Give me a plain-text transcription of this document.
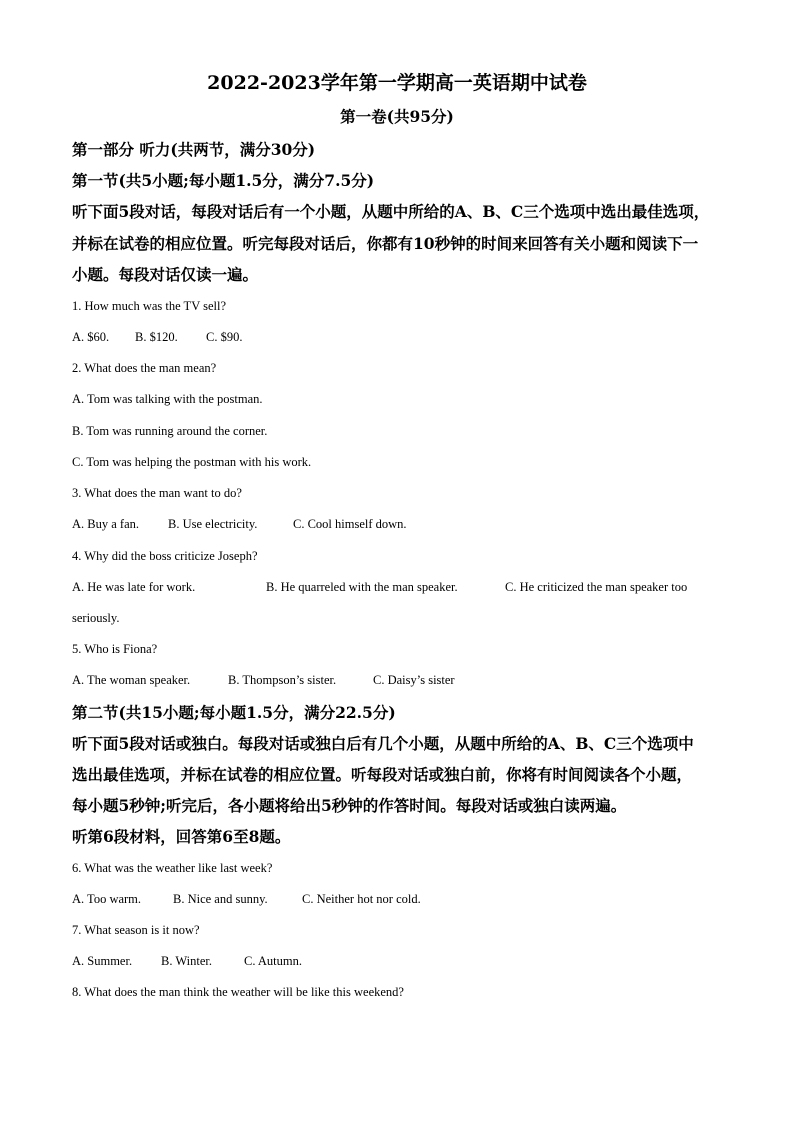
2022-2023学年第一学期高一英语期中试卷
第一卷(共95分)
第一部分 听力(共两节，满分30分)
第一节(共5小题;每小题1.5分，满分7.5分)
听下面5段对话，每段对话后有一个小题，从题中所给的A、B、C三个选项中选出最佳选项，
并标在试卷的相应位置。听完每段对话后，你都有10秒钟的时间来回答有关小题和阅读下一
小题。每段对话仅读一遍。
1. How much was the TV sell?
A. $60. B. $120. C. $90.
2. What does the man mean?
A. Tom was talking with the postman.
B. Tom was running around the corner.
C. Tom was helping the postman with his work.
3. What does the man want to do?
A. Buy a fan. B. Use electricity.	C. Cool himself down.
4. Why did the boss criticize Joseph?
A. He was late for work.	B. He quarreled with the man speaker.	C. He criticized the man speaker too
seriously.
5. Who is Fiona?
A. The woman speaker.	B. Thompson’s sister.	C. Daisy’s sister
第二节(共15小题;每小题1.5分，满分22.5分)
听下面5段对话或独白。每段对话或独白后有几个小题，从题中所给的A、B、C三个选项中
选出最佳选项，并标在试卷的相应位置。听每段对话或独白前，你将有时间阅读各个小题，
每小题5秒钟;听完后，各小题将给出5秒钟的作答时间。每段对话或独白读两遍。
听第6段材料，回答第6至8题。
6. What was the weather like last week?
A. Too warm.	B. Nice and sunny.	C. Neither hot nor cold.
7. What season is it now?
A. Summer. B. Winter.	C. Autumn.
8. What does the man think the weather will be like this weekend?
